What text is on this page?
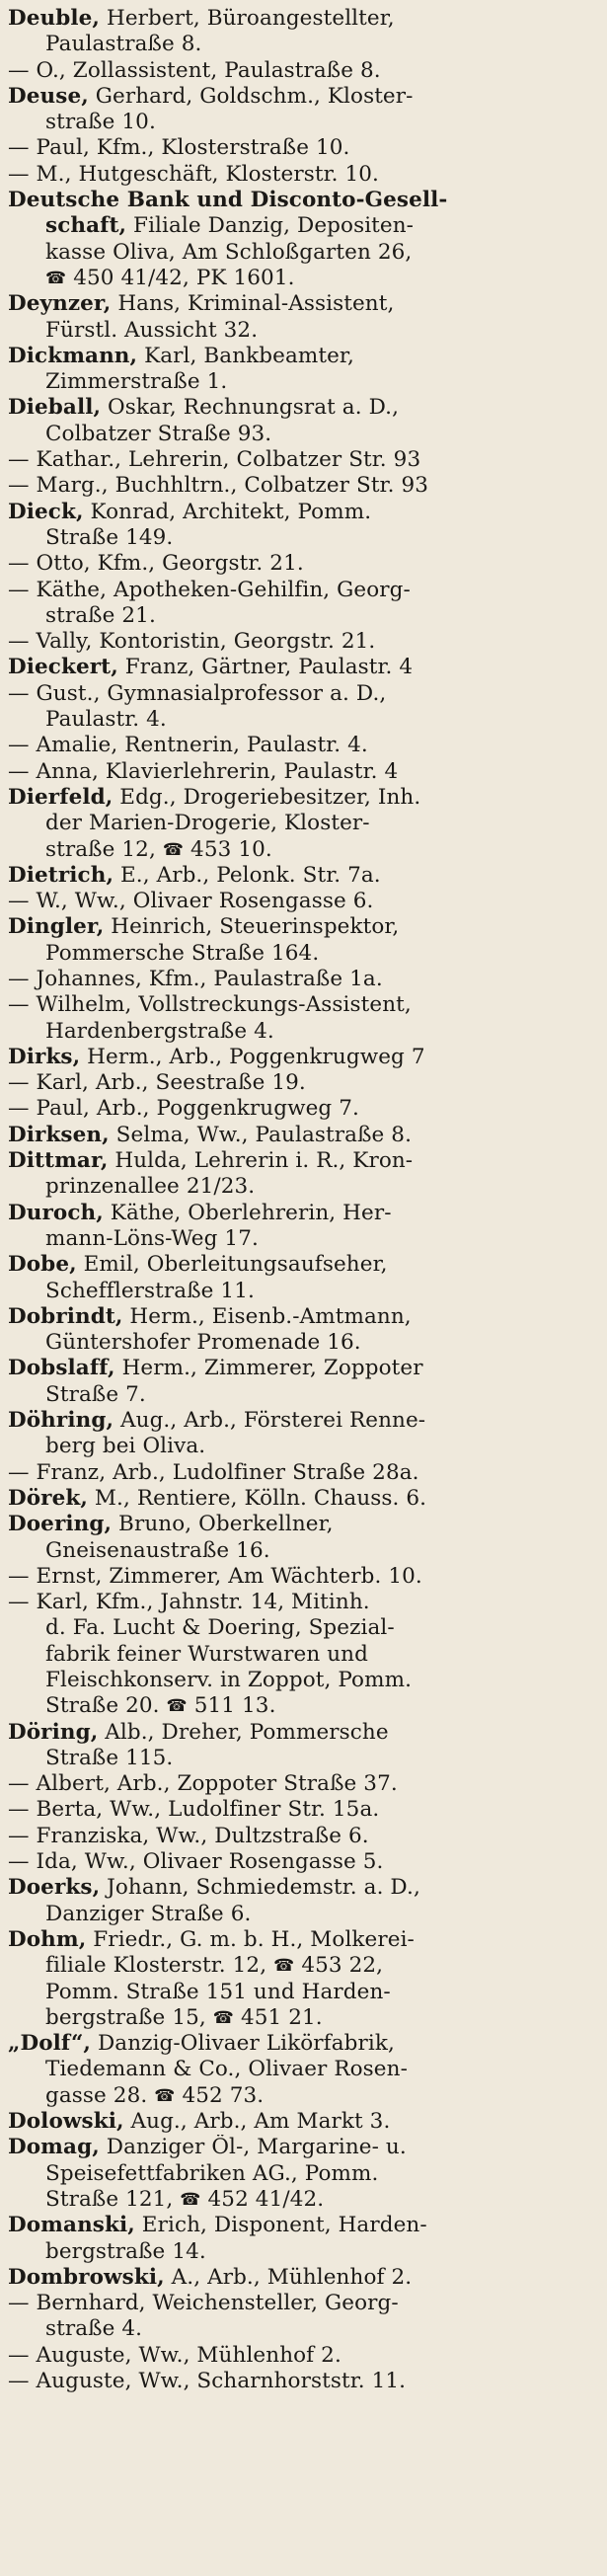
Deuble, Herbert, Büroangestellter,
Paulastraße 8.
— O., Zollassistent, Paulastraße 8.
Deuse, Gerhard, Goldschm., Kloster-
straße 10.
— Paul, Kfm., Klosterstraße 10.
— M., Hutgeschäft, Klosterstr. 10.
Deutsche Bank und Disconto-Gesell-
schaft, Filiale Danzig, Depositen-
kasse Oliva, Am Schloßgarten 26,
☎ 450 41/42, PK 1601.
Deynzer, Hans, Kriminal-Assistent,
Fürstl. Aussicht 32.
Dickmann, Karl, Bankbeamter,
Zimmerstraße 1.
Dieball, Oskar, Rechnungsrat a. D.,
Colbatzer Straße 93.
— Kathar., Lehrerin, Colbatzer Str. 93
— Marg., Buchhltrn., Colbatzer Str. 93
Dieck, Konrad, Architekt, Pomm.
Straße 149.
— Otto, Kfm., Georgstr. 21.
— Käthe, Apotheken-Gehilfin, Georg-
straße 21.
— Vally, Kontoristin, Georgstr. 21.
Dieckert, Franz, Gärtner, Paulastr. 4
— Gust., Gymnasialprofessor a. D.,
Paulastr. 4.
— Amalie, Rentnerin, Paulastr. 4.
— Anna, Klavierlehrerin, Paulastr. 4
Dierfeld, Edg., Drogeriebesitzer, Inh.
der Marien-Drogerie, Kloster-
straße 12, ☎ 453 10.
Dietrich, E., Arb., Pelonk. Str. 7a.
— W., Ww., Olivaer Rosengasse 6.
Dingler, Heinrich, Steuerinspektor,
Pommersche Straße 164.
— Johannes, Kfm., Paulastraße 1a.
— Wilhelm, Vollstreckungs-Assistent,
Hardenbergstraße 4.
Dirks, Herm., Arb., Poggenkrugweg 7
— Karl, Arb., Seestraße 19.
— Paul, Arb., Poggenkrugweg 7.
Dirksen, Selma, Ww., Paulastraße 8.
Dittmar, Hulda, Lehrerin i. R., Kron-
prinzenallee 21/23.
Duroch, Käthe, Oberlehrerin, Her-
mann-Löns-Weg 17.
Dobe, Emil, Oberleitungsaufseher,
Schefflerstraße 11.
Dobrindt, Herm., Eisenb.-Amtmann,
Güntershofer Promenade 16.
Dobslaff, Herm., Zimmerer, Zoppoter
Straße 7.
Döhring, Aug., Arb., Försterei Renne-
berg bei Oliva.
— Franz, Arb., Ludolfiner Straße 28a.
Dörek, M., Rentiere, Kölln. Chauss. 6.
Doering, Bruno, Oberkellner,
Gneisenaustraße 16.
— Ernst, Zimmerer, Am Wächterb. 10.
— Karl, Kfm., Jahnstr. 14, Mitinh.
d. Fa. Lucht & Doering, Spezial-
fabrik feiner Wurstwaren und
Fleischkonserv. in Zoppot, Pomm.
Straße 20. ☎ 511 13.
Döring, Alb., Dreher, Pommersche
Straße 115.
— Albert, Arb., Zoppoter Straße 37.
— Berta, Ww., Ludolfiner Str. 15a.
— Franziska, Ww., Dultzstraße 6.
— Ida, Ww., Olivaer Rosengasse 5.
Doerks, Johann, Schmiedemstr. a. D.,
Danziger Straße 6.
Dohm, Friedr., G. m. b. H., Molkerei-
filiale Klosterstr. 12, ☎ 453 22,
Pomm. Straße 151 und Harden-
bergstraße 15, ☎ 451 21.
„Dolf“, Danzig-Olivaer Likörfabrik,
Tiedemann & Co., Olivaer Rosen-
gasse 28. ☎ 452 73.
Dolowski, Aug., Arb., Am Markt 3.
Domag, Danziger Öl-, Margarine- u.
Speisefettfabriken AG., Pomm.
Straße 121, ☎ 452 41/42.
Domanski, Erich, Disponent, Harden-
bergstraße 14.
Dombrowski, A., Arb., Mühlenhof 2.
— Bernhard, Weichensteller, Georg-
straße 4.
— Auguste, Ww., Mühlenhof 2.
— Auguste, Ww., Scharnhorststr. 11.
